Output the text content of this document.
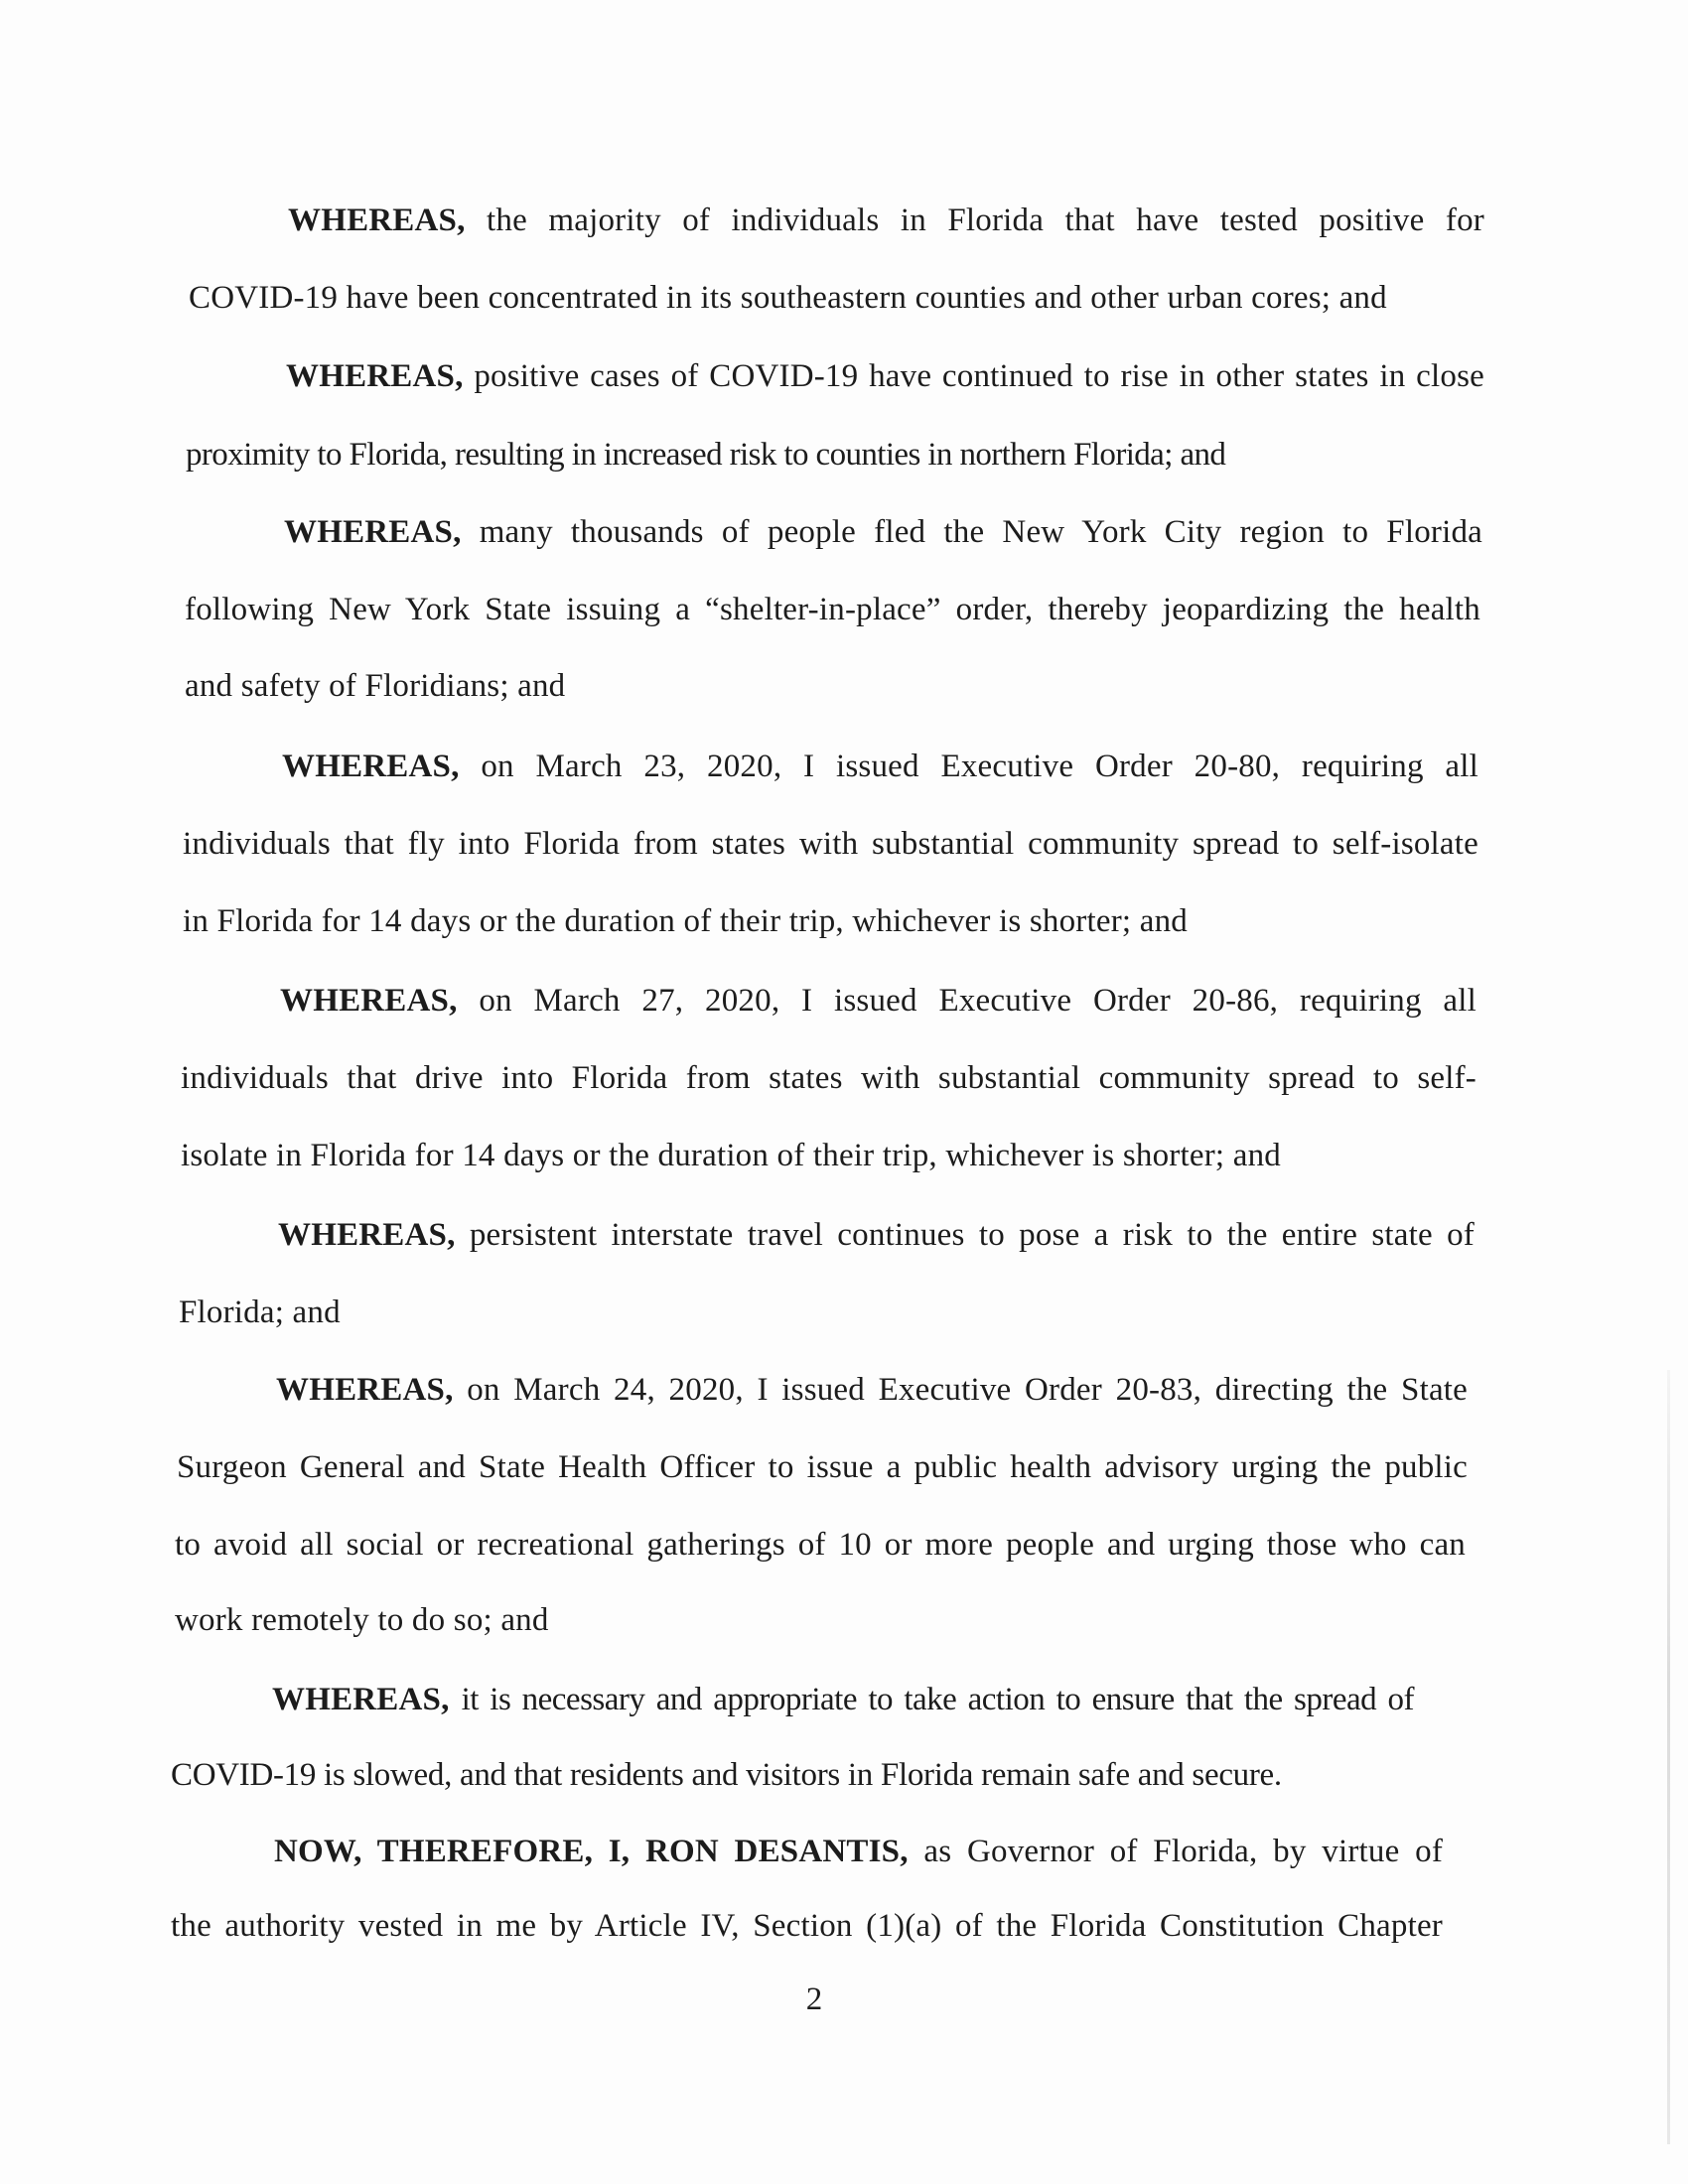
WHEREAS, the majority of individuals in Florida that have tested positive for
COVID-19 have been concentrated in its southeastern counties and other urban cores; and
WHEREAS, positive cases of COVID-19 have continued to rise in other states in close
proximity to Florida, resulting in increased risk to counties in northern Florida; and
WHEREAS, many thousands of people fled the New York City region to Florida
following New York State issuing a “shelter-in-place” order, thereby jeopardizing the health
and safety of Floridians; and
WHEREAS, on March 23, 2020, I issued Executive Order 20-80, requiring all
individuals that fly into Florida from states with substantial community spread to self-isolate
in Florida for 14 days or the duration of their trip, whichever is shorter; and
WHEREAS, on March 27, 2020, I issued Executive Order 20-86, requiring all
individuals that drive into Florida from states with substantial community spread to self-
isolate in Florida for 14 days or the duration of their trip, whichever is shorter; and
WHEREAS, persistent interstate travel continues to pose a risk to the entire state of
Florida; and
WHEREAS, on March 24, 2020, I issued Executive Order 20-83, directing the State
Surgeon General and State Health Officer to issue a public health advisory urging the public
to avoid all social or recreational gatherings of 10 or more people and urging those who can
work remotely to do so; and
WHEREAS, it is necessary and appropriate to take action to ensure that the spread of
COVID-19 is slowed, and that residents and visitors in Florida remain safe and secure.
NOW, THEREFORE, I, RON DESANTIS, as Governor of Florida, by virtue of
the authority vested in me by Article IV, Section (1)(a) of the Florida Constitution Chapter
2
